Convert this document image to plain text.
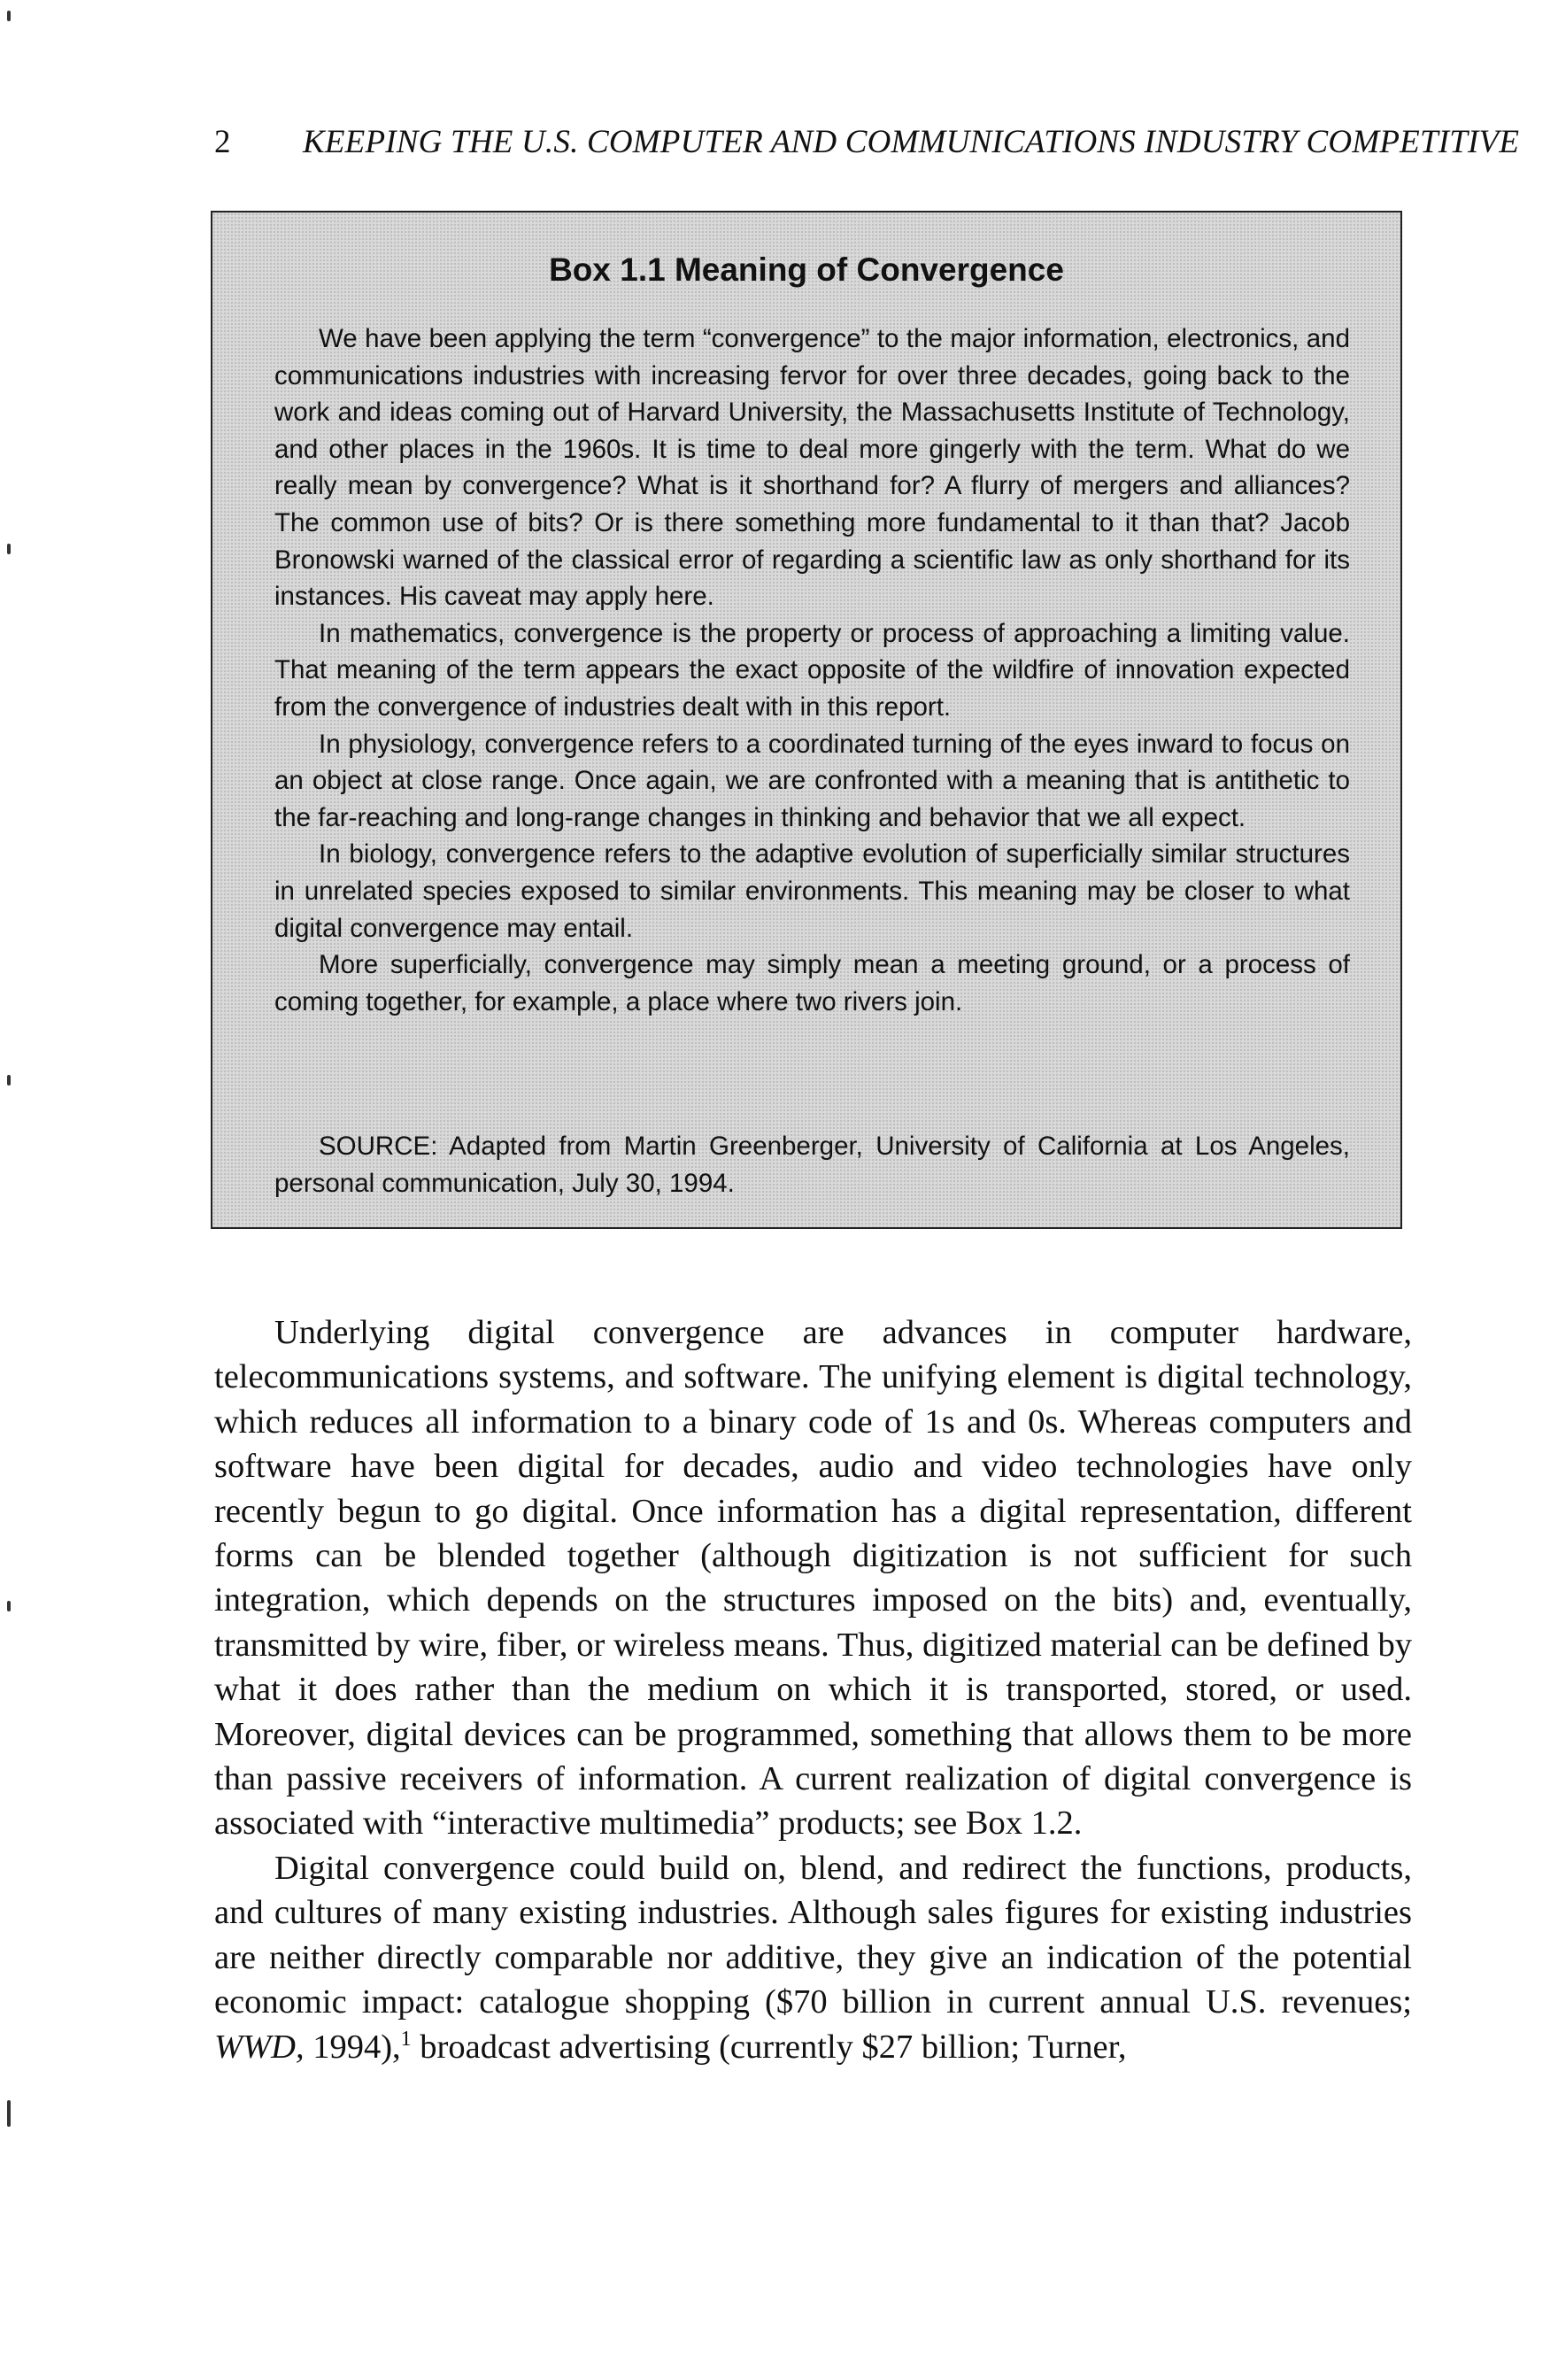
2 KEEPING THE U.S. COMPUTER AND COMMUNICATIONS INDUSTRY COMPETITIVE
Box 1.1 Meaning of Convergence

We have been applying the term “convergence” to the major information, electronics, and communications industries with increasing fervor for over three decades, going back to the work and ideas coming out of Harvard University, the Massachusetts Institute of Technology, and other places in the 1960s. It is time to deal more gingerly with the term. What do we really mean by convergence? What is it shorthand for? A flurry of mergers and alliances? The common use of bits? Or is there something more fundamental to it than that? Jacob Bronowski warned of the classical error of regarding a scientific law as only shorthand for its instances. His caveat may apply here.

In mathematics, convergence is the property or process of approaching a limiting value. That meaning of the term appears the exact opposite of the wildfire of innovation expected from the convergence of industries dealt with in this report.

In physiology, convergence refers to a coordinated turning of the eyes inward to focus on an object at close range. Once again, we are confronted with a meaning that is antithetic to the far-reaching and long-range changes in thinking and behavior that we all expect.

In biology, convergence refers to the adaptive evolution of superficially similar structures in unrelated species exposed to similar environments. This meaning may be closer to what digital convergence may entail.

More superficially, convergence may simply mean a meeting ground, or a process of coming together, for example, a place where two rivers join.

SOURCE: Adapted from Martin Greenberger, University of California at Los Angeles, personal communication, July 30, 1994.

Underlying digital convergence are advances in computer hardware, telecommunications systems, and software. The unifying element is digital technology, which reduces all information to a binary code of 1s and 0s. Whereas computers and software have been digital for decades, audio and video technologies have only recently begun to go digital. Once information has a digital representation, different forms can be blended together (although digitization is not sufficient for such integration, which depends on the structures imposed on the bits) and, eventually, transmitted by wire, fiber, or wireless means. Thus, digitized material can be defined by what it does rather than the medium on which it is transported, stored, or used. Moreover, digital devices can be programmed, something that allows them to be more than passive receivers of information. A current realization of digital convergence is associated with “interactive multimedia” products; see Box 1.2.

Digital convergence could build on, blend, and redirect the functions, products, and cultures of many existing industries. Although sales figures for existing industries are neither directly comparable nor additive, they give an indication of the potential economic impact: catalogue shopping ($70 billion in current annual U.S. revenues; WWD, 1994),$^1$ broadcast advertising (currently $27 billion; Turner,
